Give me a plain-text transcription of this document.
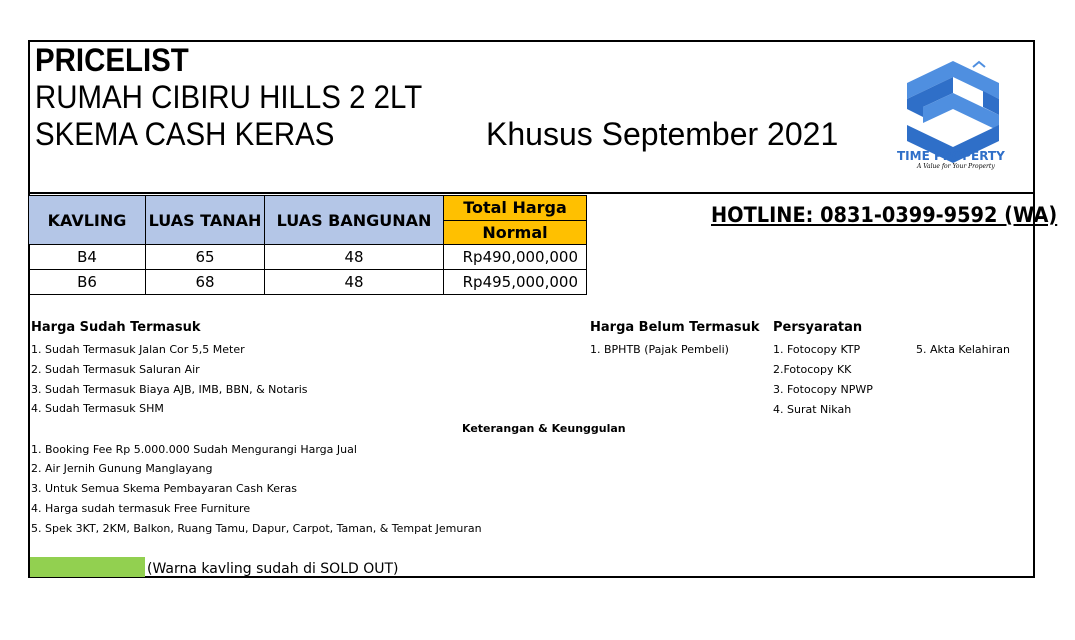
PRICELIST
RUMAH CIBIRU HILLS 2 2LT
SKEMA CASH KERAS	Khusus September 2021
TIME PROPERTY
A Value for Your Property
HOTLINE: 0831-0399-9592 (WA)
KAVLING	LUAS TANAH	LUAS BANGUNAN	Total Harga
			Normal
B4	65	48	Rp490,000,000
B6	68	48	Rp495,000,000
Harga Sudah Termasuk
1. Sudah Termasuk Jalan Cor 5,5 Meter
2. Sudah Termasuk Saluran Air
3. Sudah Termasuk Biaya AJB, IMB, BBN, & Notaris
4. Sudah Termasuk SHM
Harga Belum Termasuk
1. BPHTB (Pajak Pembeli)
Persyaratan
1. Fotocopy KTP
2.Fotocopy KK
3. Fotocopy NPWP
4. Surat Nikah
5. Akta Kelahiran
Keterangan & Keunggulan
1. Booking Fee Rp 5.000.000 Sudah Mengurangi Harga Jual
2. Air Jernih Gunung Manglayang
3. Untuk Semua Skema Pembayaran Cash Keras
4. Harga sudah termasuk Free Furniture
5. Spek 3KT, 2KM, Balkon, Ruang Tamu, Dapur, Carpot, Taman, & Tempat Jemuran
(Warna kavling sudah di SOLD OUT)
